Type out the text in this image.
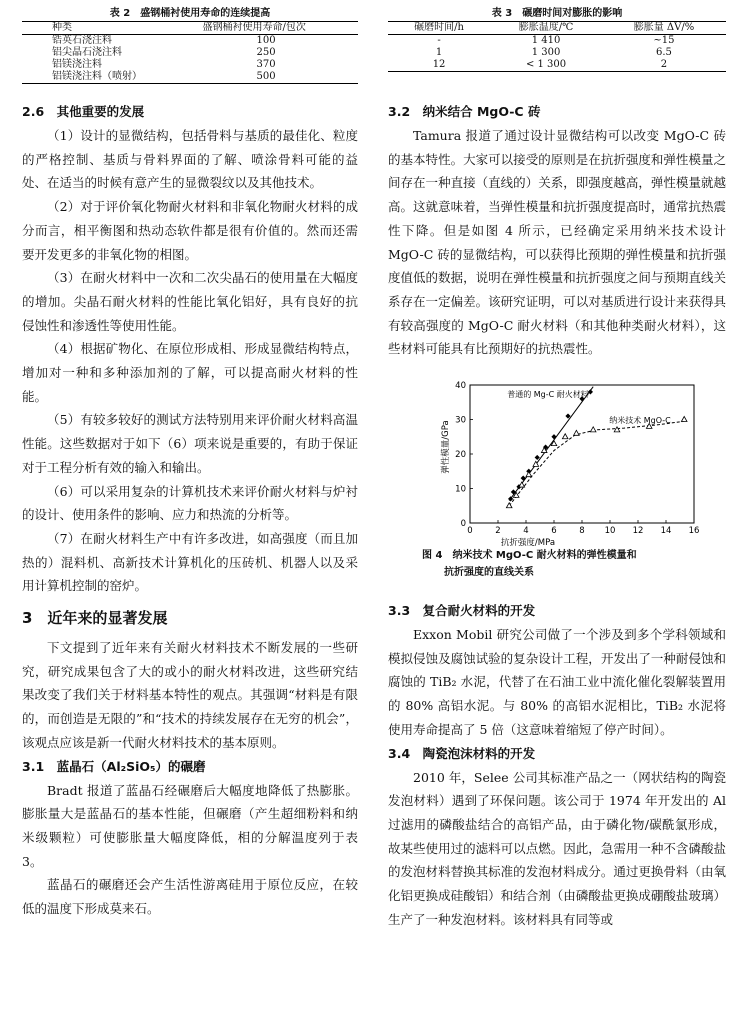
表 2　盛钢桶衬使用寿命的连续提高
种类	盛钢桶衬使用寿命/包次
锆英石浇注料	100
铝尖晶石浇注料	250
铝镁浇注料	370
铝镁浇注料（喷射）	500
2.6　其他重要的发展

（1）设计的显微结构，包括骨料与基质的最佳化、粒度的严格控制、基质与骨料界面的了解、喷涂骨料可能的益处、在适当的时候有意产生的显微裂纹以及其他技术。

（2）对于评价氧化物耐火材料和非氧化物耐火材料的成分而言，相平衡图和热动态软件都是很有价值的。然而还需要开发更多的非氧化物的相图。

（3）在耐火材料中一次和二次尖晶石的使用量在大幅度的增加。尖晶石耐火材料的性能比氧化铝好，具有良好的抗侵蚀性和渗透性等使用性能。

（4）根据矿物化、在原位形成相、形成显微结构特点，增加对一种和多种添加剂的了解，可以提高耐火材料的性能。

（5）有较多较好的测试方法特别用来评价耐火材料高温性能。这些数据对于如下（6）项来说是重要的，有助于保证对于工程分析有效的输入和输出。

（6）可以采用复杂的计算机技术来评价耐火材料与炉衬的设计、使用条件的影响、应力和热流的分析等。

（7）在耐火材料生产中有许多改进，如高强度（而且加热的）混料机、高新技术计算机化的压砖机、机器人以及采用计算机控制的窑炉。

3　近年来的显著发展

下文提到了近年来有关耐火材料技术不断发展的一些研究，研究成果包含了大的或小的耐火材料改进，这些研究结果改变了我们关于材料基本特性的观点。其强调“材料是有限的，而创造是无限的”和“技术的持续发展存在无穷的机会”，该观点应该是新一代耐火材料技术的基本原则。

3.1　蓝晶石（Al₂SiO₅）的碾磨

Bradt 报道了蓝晶石经碾磨后大幅度地降低了热膨胀。膨胀量大是蓝晶石的基本性能，但碾磨（产生超细粉料和纳米级颗粒）可使膨胀量大幅度降低，相的分解温度列于表 3。

蓝晶石的碾磨还会产生活性游离硅用于原位反应，在较低的温度下形成莫来石。

表 3　碾磨时间对膨胀的影响
碾磨时间/h	膨胀温度/℃	膨胀量 ΔV/%
-	1 410	~15
1	1 300	6.5
12	< 1 300	2
3.2　纳米结合 MgO-C 砖

Tamura 报道了通过设计显微结构可以改变 MgO-C 砖的基本特性。大家可以接受的原则是在抗折强度和弹性模量之间存在一种直接（直线的）关系，即强度越高，弹性模量就越高。这就意味着，当弹性模量和抗折强度提高时，通常抗热震性下降。但是如图 4 所示，已经确定采用纳米技术设计 MgO-C 砖的显微结构，可以获得比预期的弹性模量和抗折强度值低的数据，说明在弹性模量和抗折强度之间与预期直线关系存在一定偏差。该研究证明，可以对基质进行设计来获得具有较高强度的 MgO-C 耐火材料（和其他种类耐火材料），这些材料可能具有比预期好的抗热震性。

0	2	4	6	8 10 12 14 16
0
10
20
30
40
抗折强度/MPa
弹性模量/GPa
普通的 Mg-C 耐火材料
纳米技术 MgO-C
图 4　纳米技术 MgO-C 耐火材料的弹性模量和
抗折强度的直线关系
3.3　复合耐火材料的开发

Exxon Mobil 研究公司做了一个涉及到多个学科领域和模拟侵蚀及腐蚀试验的复杂设计工程，开发出了一种耐侵蚀和腐蚀的 TiB₂ 水泥，代替了在石油工业中流化催化裂解装置用的 80% 高铝水泥。与 80% 的高铝水泥相比，TiB₂ 水泥将使用寿命提高了 5 倍（这意味着缩短了停产时间）。

3.4　陶瓷泡沫材料的开发

2010 年，Selee 公司其标准产品之一（网状结构的陶瓷发泡材料）遇到了环保问题。该公司于 1974 年开发出的 Al 过滤用的磷酸盐结合的高铝产品，由于磷化物/碳酰氯形成，故某些使用过的滤料可以点燃。因此，急需用一种不含磷酸盐的发泡材料替换其标准的发泡材料成分。通过更换骨料（由氧化铝更换成硅酸铝）和结合剂（由磷酸盐更换成硼酸盐玻璃）生产了一种发泡材料。该材料具有同等或
